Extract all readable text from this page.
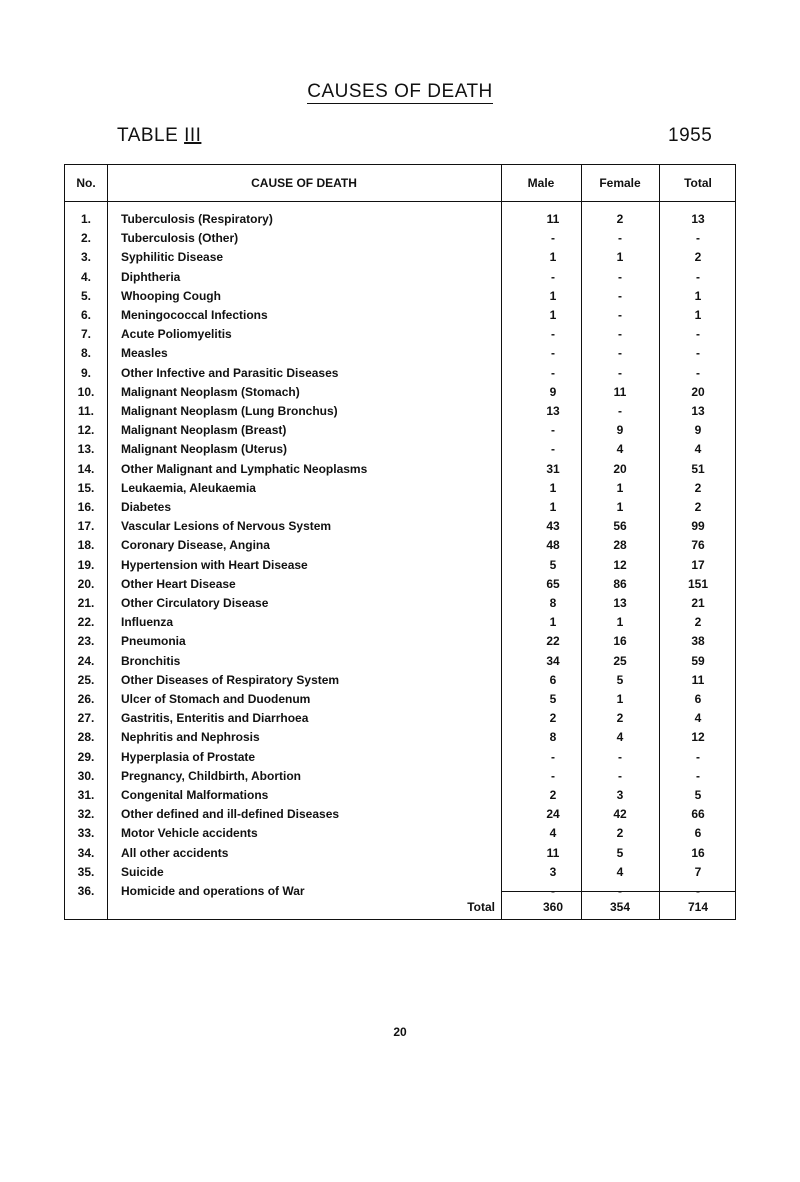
CAUSES OF DEATH
TABLE III	1955
No.	CAUSE OF DEATH	Male	Female	Total
1.	Tuberculosis (Respiratory)	11	2	13
2.	Tuberculosis (Other)	-	-	-
3.	Syphilitic Disease	1	1	2
4.	Diphtheria	-	-	-
5.	Whooping Cough	1	-	1
6.	Meningococcal Infections	1	-	1
7.	Acute Poliomyelitis	-	-	-
8.	Measles	-	-	-
9.	Other Infective and Parasitic Diseases	-	-	-
10.	Malignant Neoplasm (Stomach)	9	11	20
11.	Malignant Neoplasm (Lung Bronchus)	13	-	13
12.	Malignant Neoplasm (Breast)	-	9	9
13.	Malignant Neoplasm (Uterus)	-	4	4
14.	Other Malignant and Lymphatic Neoplasms	31	20	51
15.	Leukaemia, Aleukaemia	1	1	2
16.	Diabetes	1	1	2
17.	Vascular Lesions of Nervous System	43	56	99
18.	Coronary Disease, Angina	48	28	76
19.	Hypertension with Heart Disease	5	12	17
20.	Other Heart Disease	65	86	151
21.	Other Circulatory Disease	8	13	21
22.	Influenza	1	1	2
23.	Pneumonia	22	16	38
24.	Bronchitis	34	25	59
25.	Other Diseases of Respiratory System	6	5	11
26.	Ulcer of Stomach and Duodenum	5	1	6
27.	Gastritis, Enteritis and Diarrhoea	2	2	4
28.	Nephritis and Nephrosis	8	4	12
29.	Hyperplasia of Prostate	-	-	-
30.	Pregnancy, Childbirth, Abortion	-	-	-
31.	Congenital Malformations	2	3	5
32.	Other defined and ill-defined Diseases	24	42	66
33.	Motor Vehicle accidents	4	2	6
34.	All other accidents	11	5	16
35.	Suicide	3	4	7
36.	Homicide and operations of War	-	-	-
Total	360	354	714
20
